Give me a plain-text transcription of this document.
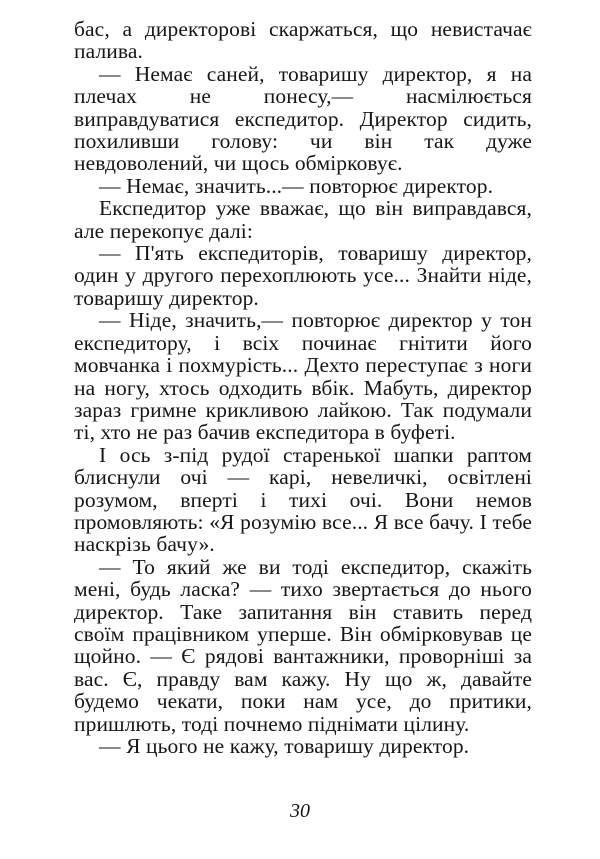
бас, а директорові скаржаться, що невистачає палива.

— Немає саней, товаришу директор, я на плечах не понесу,— насмілюється виправдуватися експедитор. Директор сидить, похиливши голову: чи він так дуже невдоволений, чи щось обмірковує.

— Немає, значить...— повторює директор.

Експедитор уже вважає, що він виправдався, але перекопує далі:

— П'ять експедиторів, товаришу директор, один у другого перехоплюють усе... Знайти ніде, товаришу директор.

— Ніде, значить,— повторює директор у тон експедитору, і всіх починає гнітити його мовчанка і похмурість... Дехто переступає з ноги на ногу, хтось одходить вбік. Мабуть, директор зараз гримне крикливою лайкою. Так подумали ті, хто не раз бачив експедитора в буфеті.

І ось з-під рудої старенької шапки раптом блиснули очі — карі, невеличкі, освітлені розумом, вперті і тихі очі. Вони немов промовляють: «Я розумію все... Я все бачу. І тебе наскрізь бачу».

— То який же ви тоді експедитор, скажіть мені, будь ласка? — тихо звертається до нього директор. Таке запитання він ставить перед своїм працівником уперше. Він обмірковував це щойно. — Є рядові вантажники, проворніші за вас. Є, правду вам кажу. Ну що ж, давайте будемо чекати, поки нам усе, до притики, пришлють, тоді почнемо піднімати цілину.

— Я цього не кажу, товаришу директор.

30
